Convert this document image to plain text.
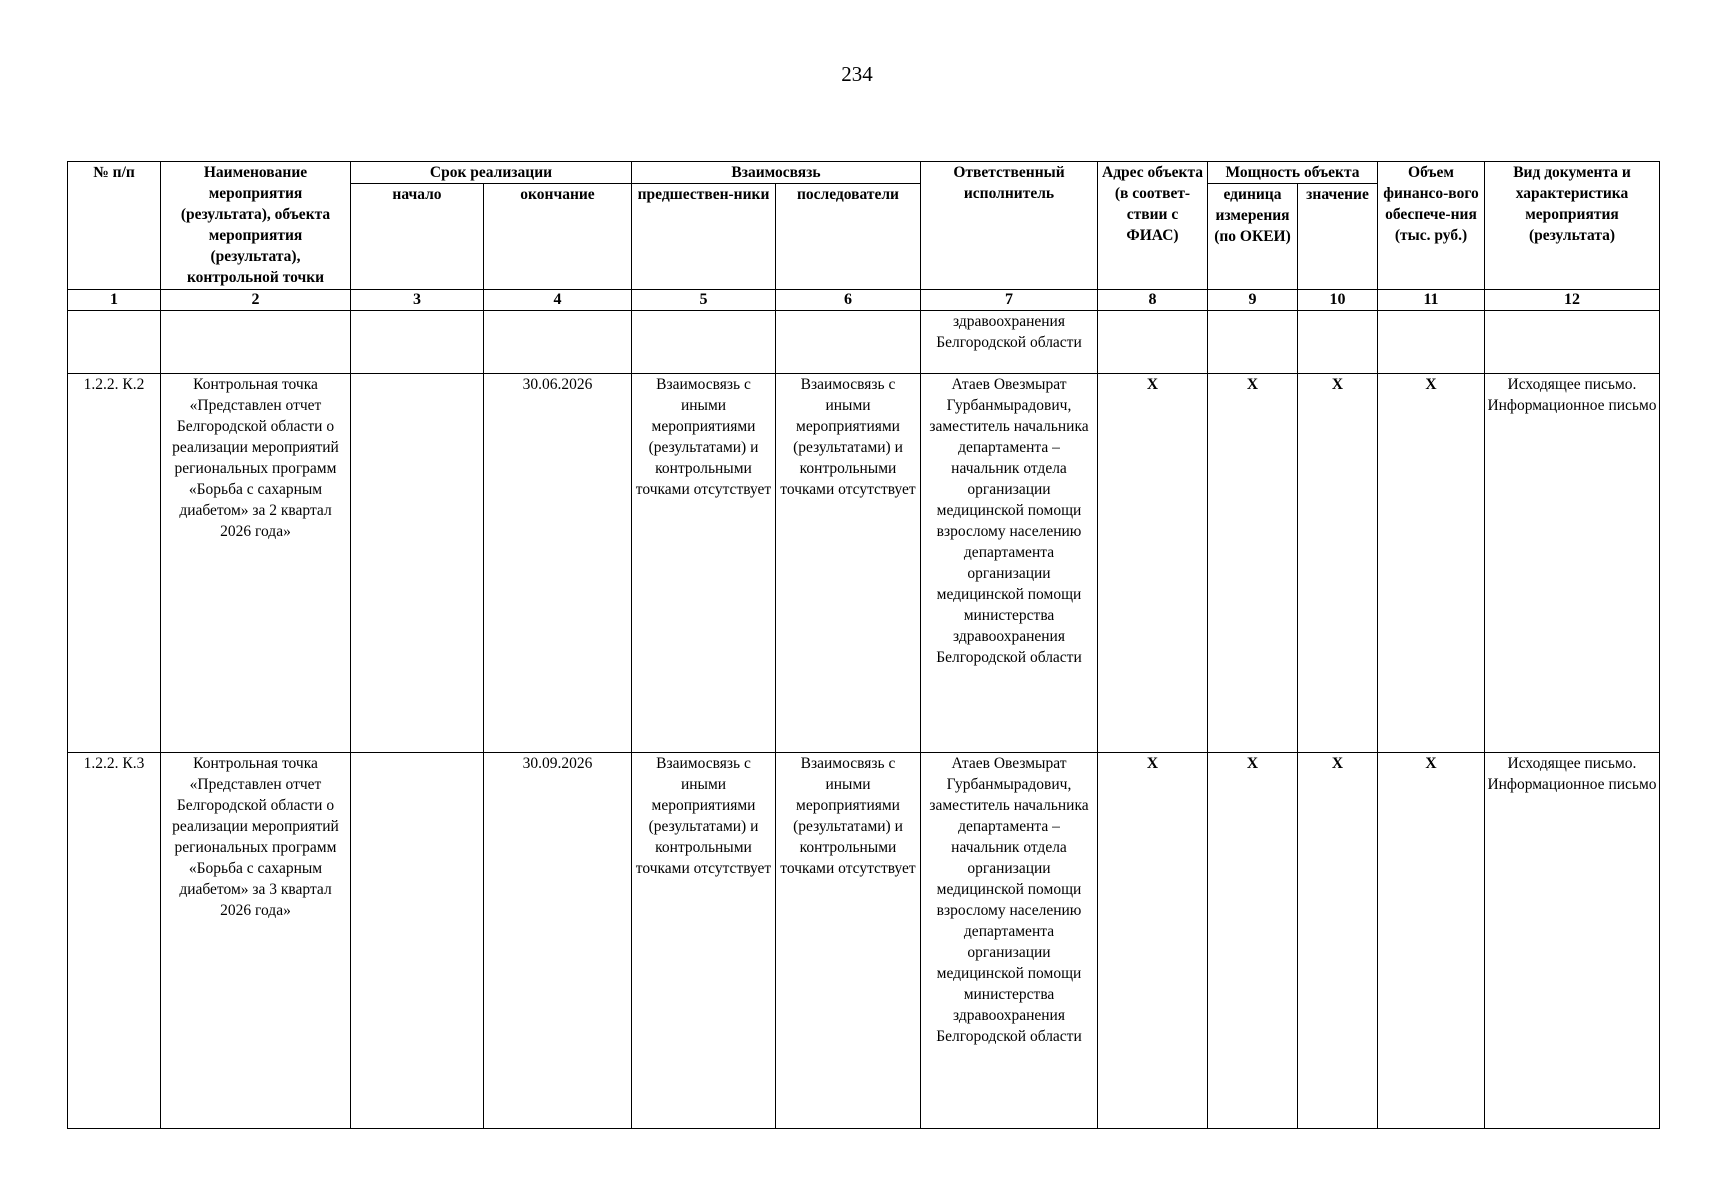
234
№ п/п	Наименование мероприятия (результата), объекта мероприятия (результата), контрольной точки	Срок реализации		Взаимосвязь		Ответственный исполнитель	Адрес объекта (в соответ-ствии с ФИАС)	Мощность объекта		Объем финансо-вого обеспече-ния (тыс. руб.)	Вид документа и характеристика мероприятия (результата)
		начало	окончание	предшествен-ники	последователи			единица измерения (по ОКЕИ)	значение		
1	2	3	4	5	6	7	8	9	10	11	12
						здравоохранения Белгородской области					
1.2.2. К.2	Контрольная точка «Представлен отчет Белгородской области о реализации мероприятий региональных программ «Борьба с сахарным диабетом» за 2 квартал 2026 года»		30.06.2026	Взаимосвязь с иными мероприятиями (результатами) и контрольными точками отсутствует	Взаимосвязь с иными мероприятиями (результатами) и контрольными точками отсутствует	Атаев Овезмырат Гурбанмырадович, заместитель начальника департамента – начальник отдела организации медицинской помощи взрослому населению департамента организации медицинской помощи министерства здравоохранения Белгородской области	Х	Х	Х	Х	Исходящее письмо. Информационное письмо
1.2.2. К.3	Контрольная точка «Представлен отчет Белгородской области о реализации мероприятий региональных программ «Борьба с сахарным диабетом» за 3 квартал 2026 года»		30.09.2026	Взаимосвязь с иными мероприятиями (результатами) и контрольными точками отсутствует	Взаимосвязь с иными мероприятиями (результатами) и контрольными точками отсутствует	Атаев Овезмырат Гурбанмырадович, заместитель начальника департамента – начальник отдела организации медицинской помощи взрослому населению департамента организации медицинской помощи министерства здравоохранения Белгородской области	Х	Х	Х	Х	Исходящее письмо. Информационное письмо
